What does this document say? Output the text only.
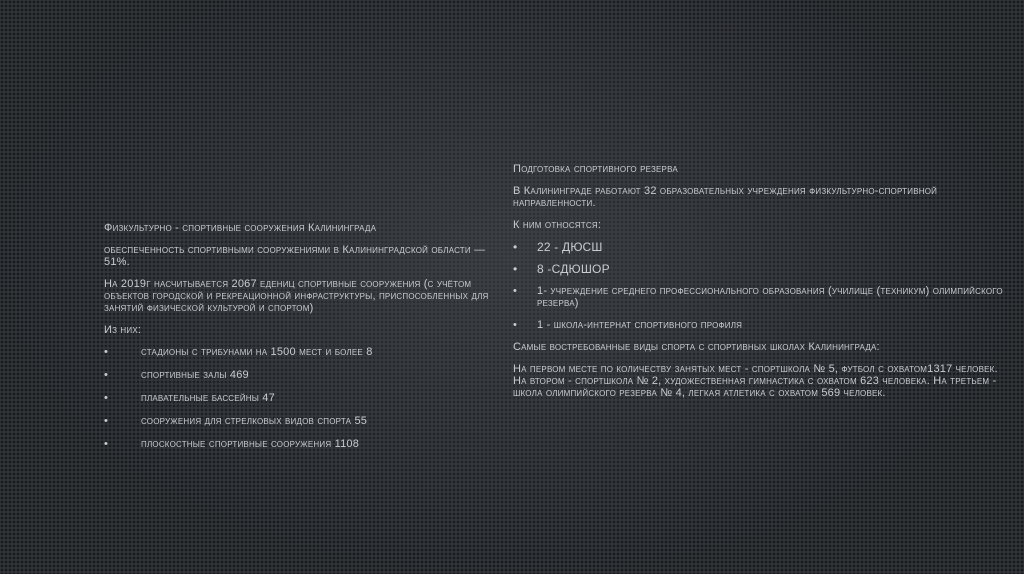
Физкультурно - спортивные сооружения Калининграда
обеспеченность спортивными сооружениями в Калининградской области — 51%.
На 2019г насчитывается 2067 едениц спортивные сооружения (с учётом объектов городской и рекреационной инфраструктуры, приспособленных для занятий физической культурой и спортом)
Из них:
•	стадионы с трибунами на 1500 мест и более 8
•	спортивные залы 469
•	плавательные бассейны 47
•	сооружения для стрелковых видов спорта 55
•	плоскостные спортивные сооружения 1108
Подготовка спортивного резерва
В Калининграде работают 32 образовательных учреждения физкультурно-спортивной направленности.
К ним относятся:
• 22 - ДЮСШ
• 8 -СДЮШОР
• 1- учреждение среднего профессионального образования (училище (техникум) олимпийского резерва)
• 1 - школа-интернат спортивного профиля
Самые востребованные виды спорта с спортивных школах Калининграда:
На первом месте по количеству занятых мест - спортшкола № 5, футбол с охватом1317 человек. На втором - спортшкола № 2, художественная гимнастика с охватом 623 человека. На третьем - школа олимпийского резерва № 4, легкая атлетика с охватом 569 человек.
